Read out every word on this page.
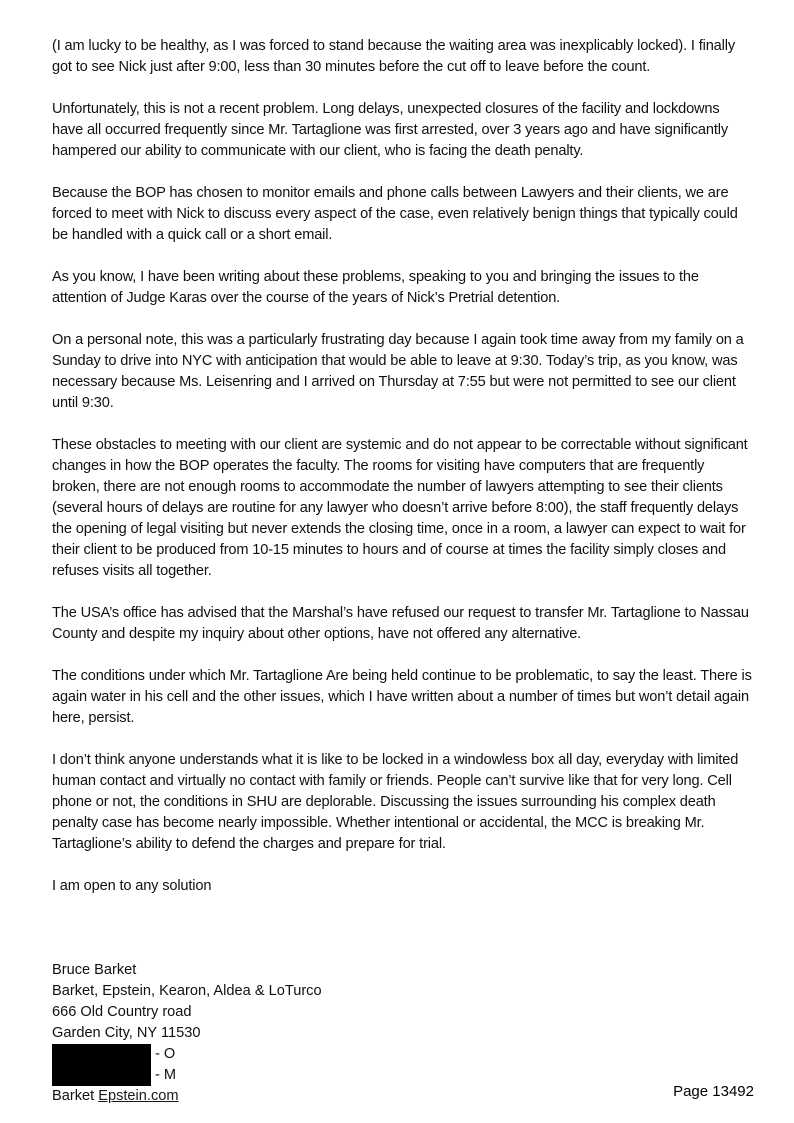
(I am lucky to be healthy, as I was forced to stand because the waiting area was inexplicably locked). I finally got to see Nick just after 9:00, less than 30 minutes before the cut off to leave before the count.

Unfortunately, this is not a recent problem. Long delays, unexpected closures of the facility and lockdowns have all occurred frequently since Mr. Tartaglione was first arrested, over 3 years ago and have significantly hampered our ability to communicate with our client, who is facing the death penalty.

Because the BOP has chosen to monitor emails and phone calls between Lawyers and their clients, we are forced to meet with Nick to discuss every aspect of the case, even relatively benign things that typically could be handled with a quick call or a short email.

As you know, I have been writing about these problems, speaking to you and bringing the issues to the attention of Judge Karas over the course of the years of Nick’s Pretrial detention.

On a personal note, this was a particularly frustrating day because I again took time away from my family on a Sunday to drive into NYC with anticipation that would be able to leave at 9:30. Today’s trip, as you know, was necessary because Ms. Leisenring and I arrived on Thursday at 7:55 but were not permitted to see our client until 9:30.

These obstacles to meeting with our client are systemic and do not appear to be correctable without significant changes in how the BOP operates the faculty. The rooms for visiting have computers that are frequently broken, there are not enough rooms to accommodate the number of lawyers attempting to see their clients (several hours of delays are routine for any lawyer who doesn’t arrive before 8:00), the staff frequently delays the opening of legal visiting but never extends the closing time, once in a room, a lawyer can expect to wait for their client to be produced from 10-15 minutes to hours and of course at times the facility simply closes and refuses visits all together.

The USA’s office has advised that the Marshal’s have refused our request to transfer Mr. Tartaglione to Nassau County and despite my inquiry about other options, have not offered any alternative.

The conditions under which Mr. Tartaglione Are being held continue to be problematic, to say the least. There is again water in his cell and the other issues, which I have written about a number of times but won’t detail again here, persist.

I don’t think anyone understands what it is like to be locked in a windowless box all day, everyday with limited human contact and virtually no contact with family or friends. People can’t survive like that for very long. Cell phone or not, the conditions in SHU are deplorable. Discussing the issues surrounding his complex death penalty case has become nearly impossible. Whether intentional or accidental, the MCC is breaking Mr. Tartaglione’s ability to defend the charges and prepare for trial.

I am open to any solution

Bruce Barket

Barket, Epstein, Kearon, Aldea & LoTurco

666 Old Country road

Garden City, NY 11530

- O
- M

Barket Epstein.com	Page 13492
